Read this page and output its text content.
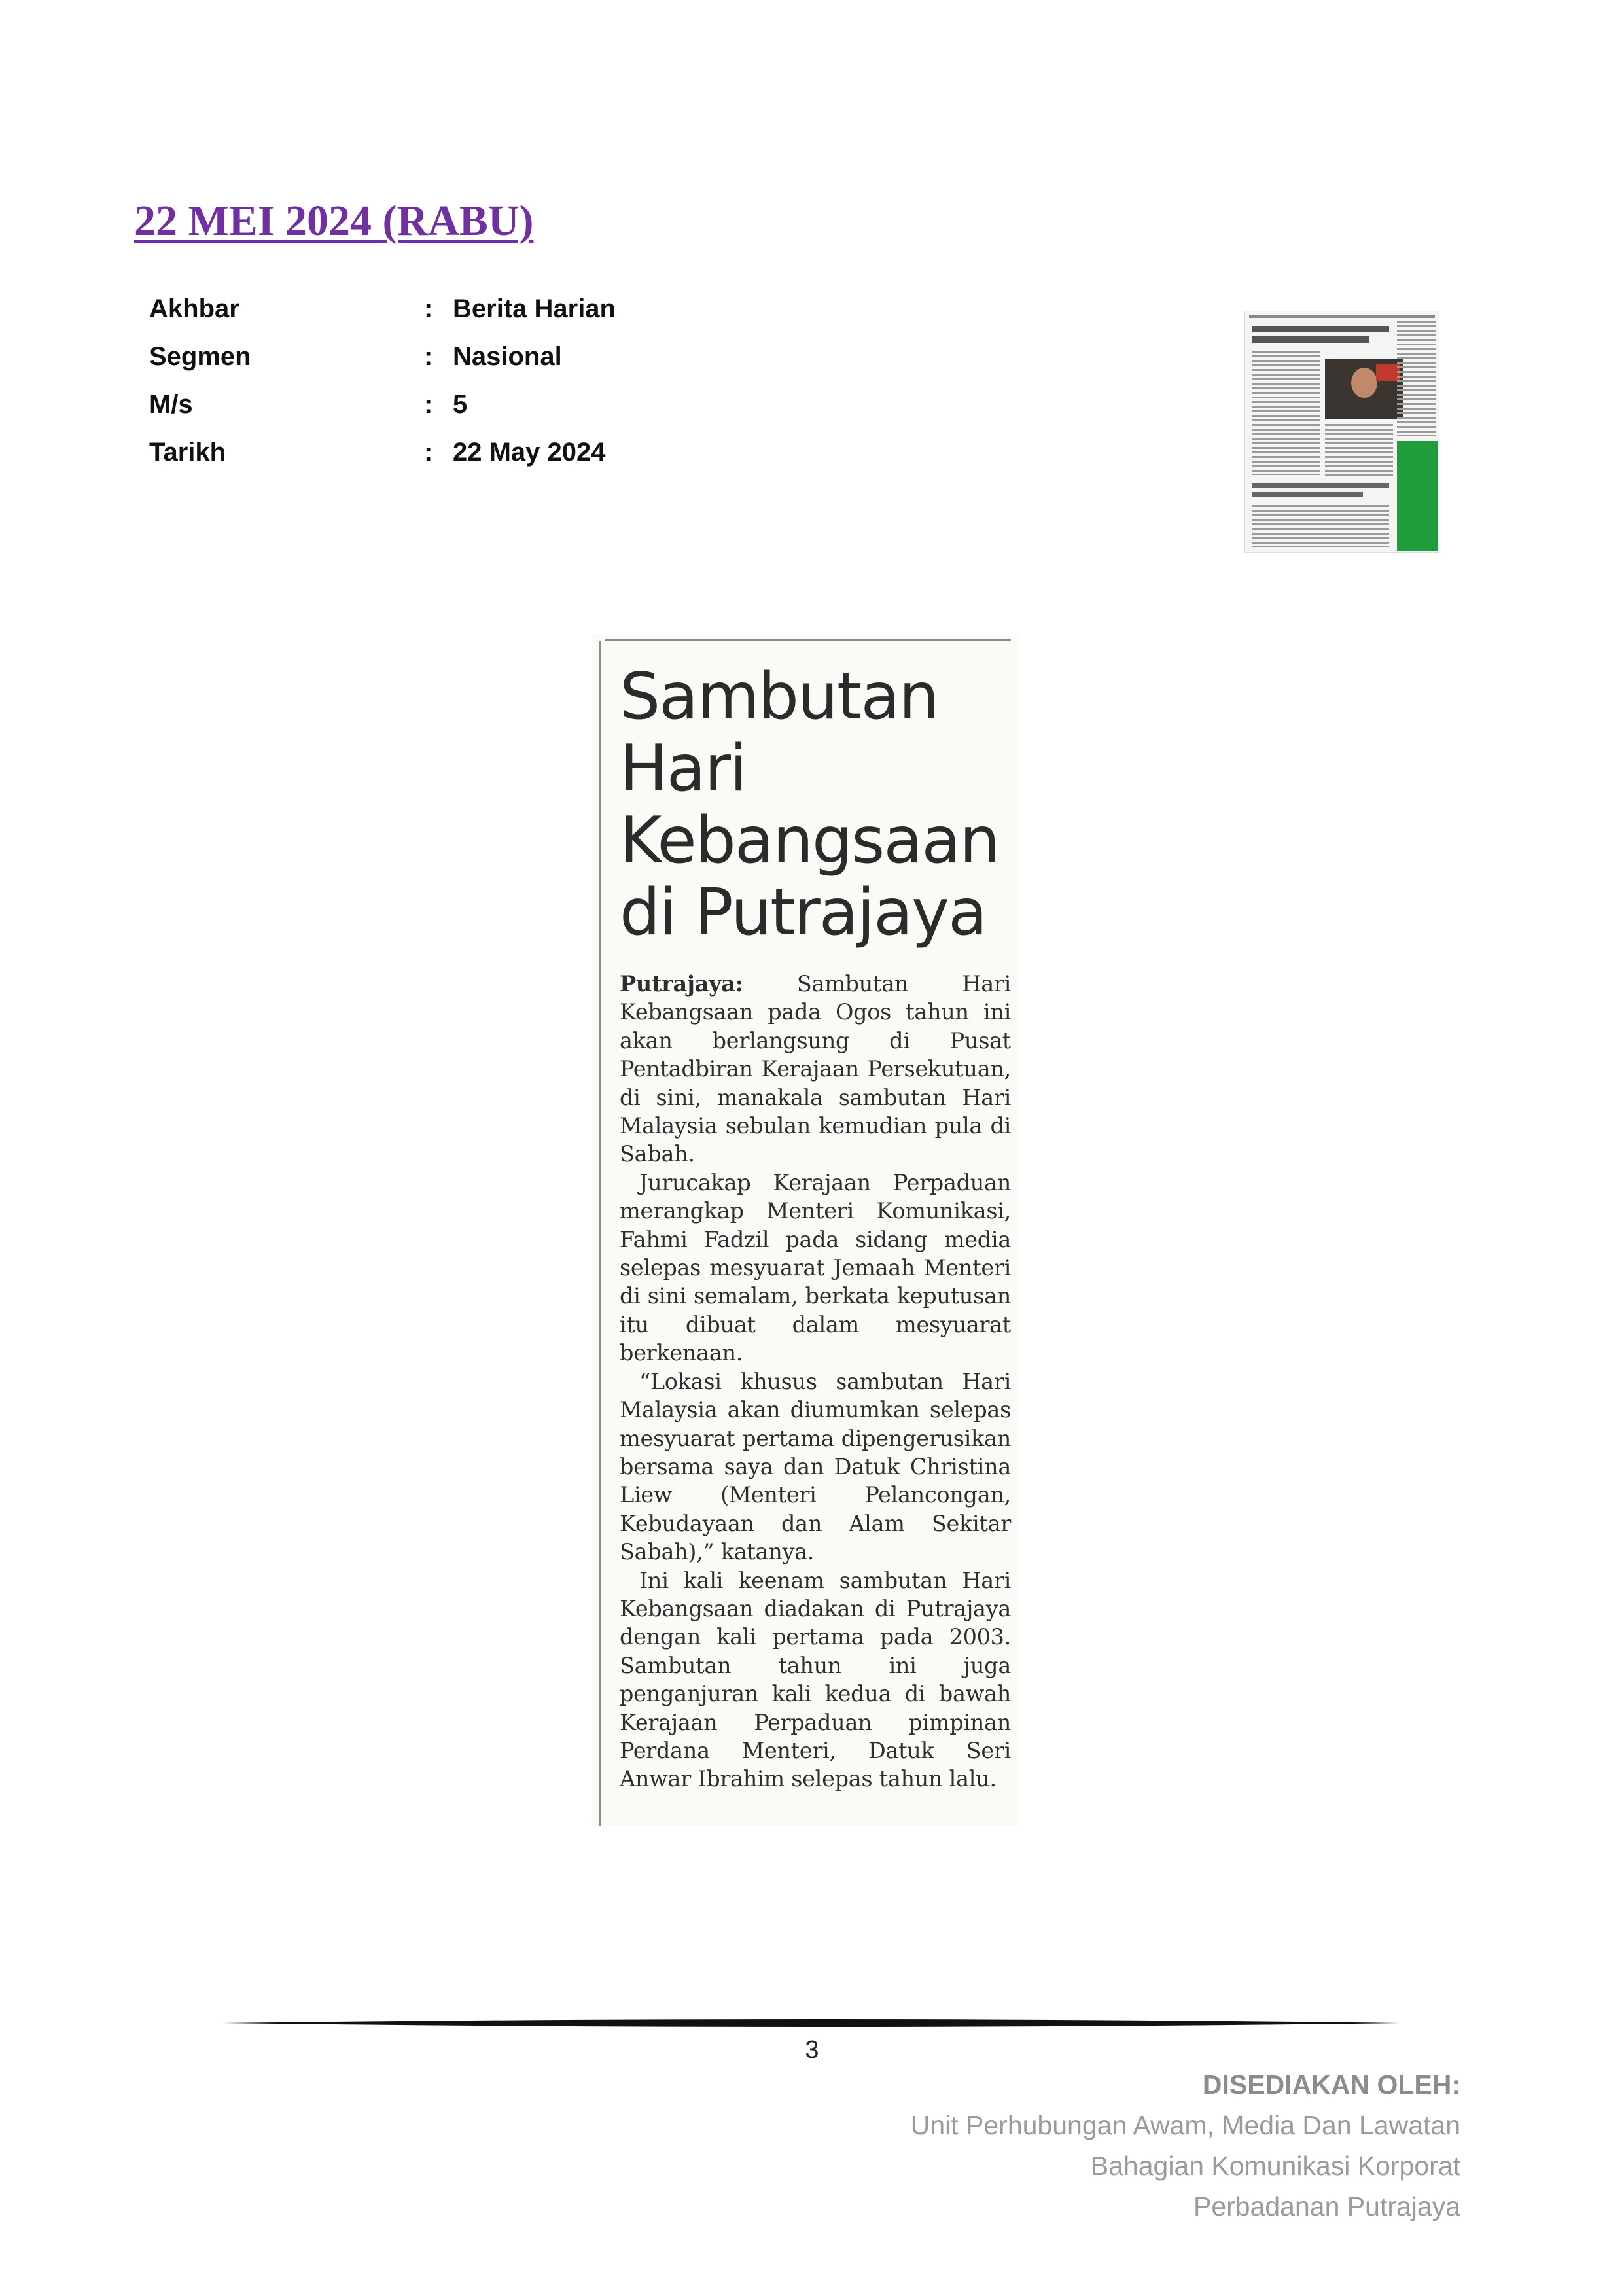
22 MEI 2024 (RABU)
Akhbar	: Berita Harian
Segmen	: Nasional
M/s	: 5
Tarikh	: 22 May 2024
Sambutan
Hari
Kebangsaan
di Putrajaya

Putrajaya: Sambutan Hari Kebangsaan pada Ogos tahun ini akan berlangsung di Pusat Pentadbiran Kerajaan Persekutuan, di sini, manakala sambutan Hari Malaysia sebulan kemudian pula di Sabah.

Jurucakap Kerajaan Perpaduan merangkap Menteri Komunikasi, Fahmi Fadzil pada sidang media selepas mesyuarat Jemaah Menteri di sini semalam, berkata keputusan itu dibuat dalam mesyuarat berkenaan.

“Lokasi khusus sambutan Hari Malaysia akan diumumkan selepas mesyuarat pertama dipengerusikan bersama saya dan Datuk Christina Liew (Menteri Pelancongan, Kebudayaan dan Alam Sekitar Sabah),” katanya.

Ini kali keenam sambutan Hari Kebangsaan diadakan di Putrajaya dengan kali pertama pada 2003. Sambutan tahun ini juga penganjuran kali kedua di bawah Kerajaan Perpaduan pimpinan Perdana Menteri, Datuk Seri Anwar Ibrahim selepas tahun lalu.

3
DISEDIAKAN OLEH:
Unit Perhubungan Awam, Media Dan Lawatan
Bahagian Komunikasi Korporat
Perbadanan Putrajaya
